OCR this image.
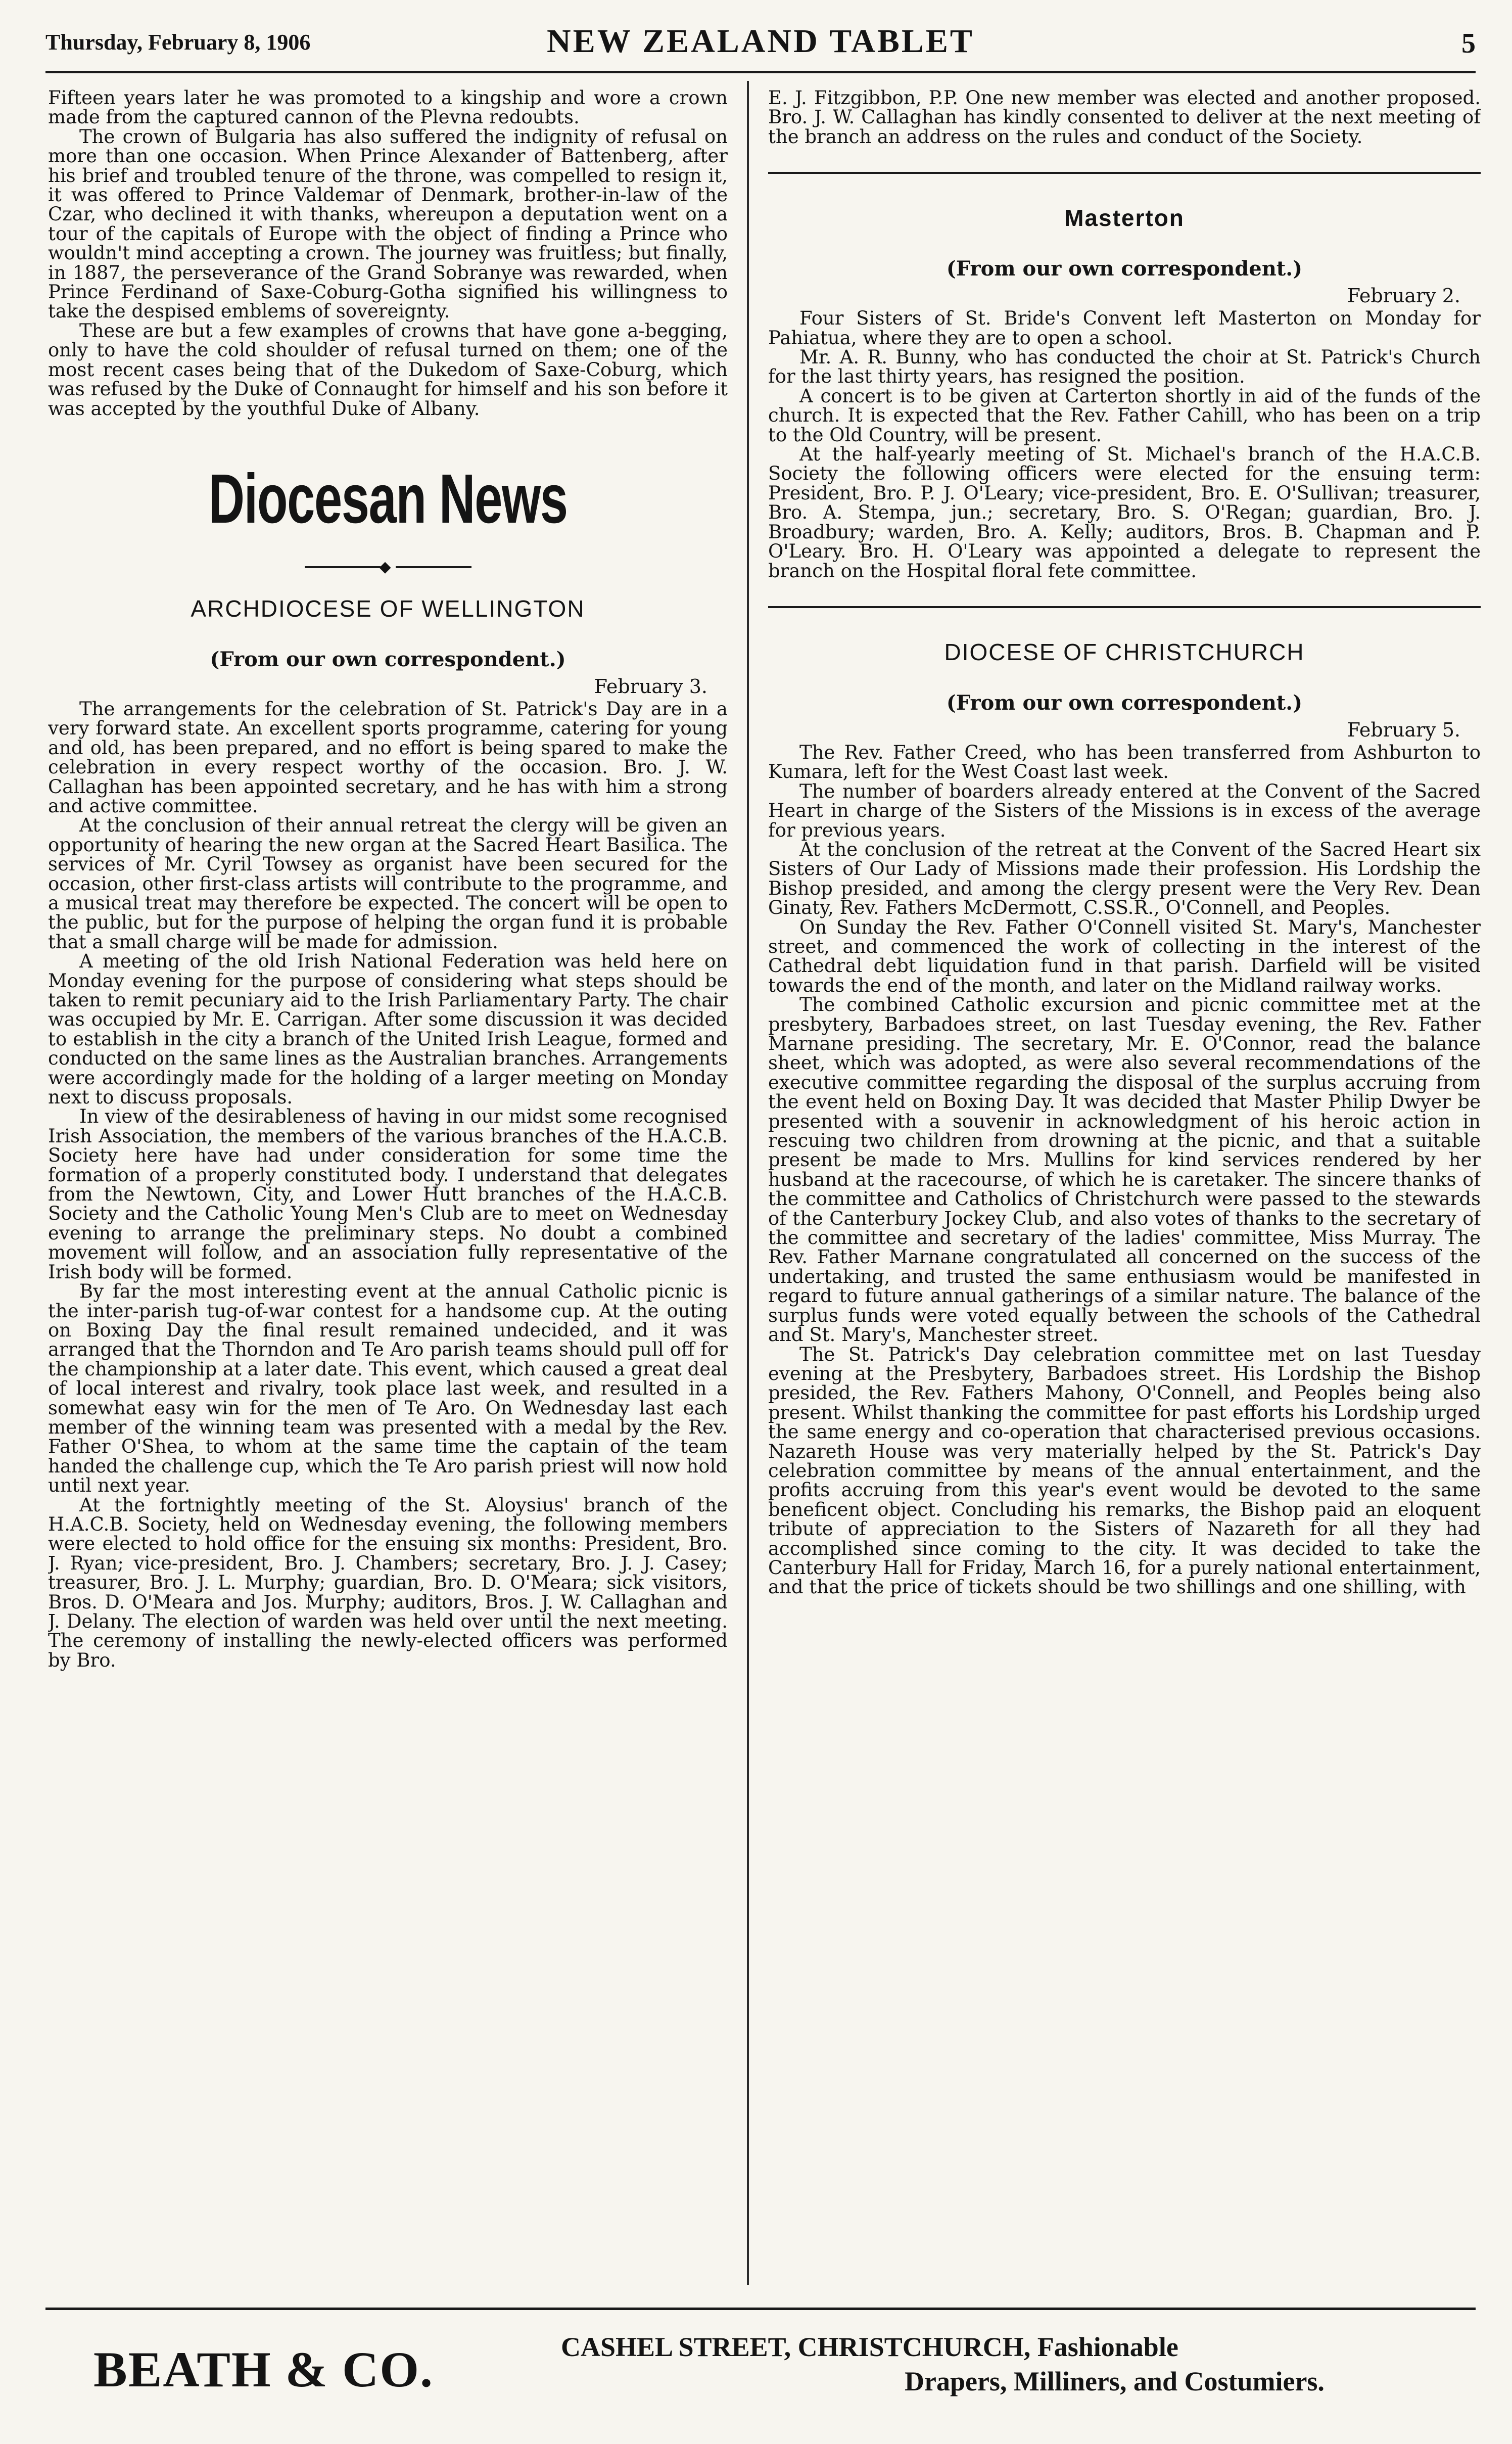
Thursday, February 8, 1906	NEW ZEALAND TABLET	5

Fifteen years later he was promoted to a kingship and wore a crown made from the captured cannon of the Plevna redoubts.

The crown of Bulgaria has also suffered the indignity of refusal on more than one occasion. When Prince Alexander of Battenberg, after his brief and troubled tenure of the throne, was compelled to resign it, it was offered to Prince Valdemar of Denmark, brother-in-law of the Czar, who declined it with thanks, whereupon a deputation went on a tour of the capitals of Europe with the object of finding a Prince who wouldn't mind accepting a crown. The journey was fruitless; but finally, in 1887, the perseverance of the Grand Sobranye was rewarded, when Prince Ferdinand of Saxe-Coburg-Gotha signified his willingness to take the despised emblems of sovereignty.

These are but a few examples of crowns that have gone a-begging, only to have the cold shoulder of refusal turned on them; one of the most recent cases being that of the Dukedom of Saxe-Coburg, which was refused by the Duke of Connaught for himself and his son before it was accepted by the youthful Duke of Albany.

Diocesan News
◆
ARCHDIOCESE OF WELLINGTON
(From our own correspondent.)
February 3.

The arrangements for the celebration of St. Patrick's Day are in a very forward state. An excellent sports programme, catering for young and old, has been prepared, and no effort is being spared to make the celebration in every respect worthy of the occasion. Bro. J. W. Callaghan has been appointed secretary, and he has with him a strong and active committee.

At the conclusion of their annual retreat the clergy will be given an opportunity of hearing the new organ at the Sacred Heart Basilica. The services of Mr. Cyril Towsey as organist have been secured for the occasion, other first-class artists will contribute to the programme, and a musical treat may therefore be expected. The concert will be open to the public, but for the purpose of helping the organ fund it is probable that a small charge will be made for admission.

A meeting of the old Irish National Federation was held here on Monday evening for the purpose of considering what steps should be taken to remit pecuniary aid to the Irish Parliamentary Party. The chair was occupied by Mr. E. Carrigan. After some discussion it was decided to establish in the city a branch of the United Irish League, formed and conducted on the same lines as the Australian branches. Arrangements were accordingly made for the holding of a larger meeting on Monday next to discuss proposals.

In view of the desirableness of having in our midst some recognised Irish Association, the members of the various branches of the H.A.C.B. Society here have had under consideration for some time the formation of a properly constituted body. I understand that delegates from the Newtown, City, and Lower Hutt branches of the H.A.C.B. Society and the Catholic Young Men's Club are to meet on Wednesday evening to arrange the preliminary steps. No doubt a combined movement will follow, and an association fully representative of the Irish body will be formed.

By far the most interesting event at the annual Catholic picnic is the inter-parish tug-of-war contest for a handsome cup. At the outing on Boxing Day the final result remained undecided, and it was arranged that the Thorndon and Te Aro parish teams should pull off for the championship at a later date. This event, which caused a great deal of local interest and rivalry, took place last week, and resulted in a somewhat easy win for the men of Te Aro. On Wednesday last each member of the winning team was presented with a medal by the Rev. Father O'Shea, to whom at the same time the captain of the team handed the challenge cup, which the Te Aro parish priest will now hold until next year.

At the fortnightly meeting of the St. Aloysius' branch of the H.A.C.B. Society, held on Wednesday evening, the following members were elected to hold office for the ensuing six months: President, Bro. J. Ryan; vice-president, Bro. J. Chambers; secretary, Bro. J. J. Casey; treasurer, Bro. J. L. Murphy; guardian, Bro. D. O'Meara; sick visitors, Bros. D. O'Meara and Jos. Murphy; auditors, Bros. J. W. Callaghan and J. Delany. The election of warden was held over until the next meeting. The ceremony of installing the newly-elected officers was performed by Bro.

E. J. Fitzgibbon, P.P. One new member was elected and another proposed. Bro. J. W. Callaghan has kindly consented to deliver at the next meeting of the branch an address on the rules and conduct of the Society.

Masterton
(From our own correspondent.)
February 2.

Four Sisters of St. Bride's Convent left Masterton on Monday for Pahiatua, where they are to open a school.

Mr. A. R. Bunny, who has conducted the choir at St. Patrick's Church for the last thirty years, has resigned the position.

A concert is to be given at Carterton shortly in aid of the funds of the church. It is expected that the Rev. Father Cahill, who has been on a trip to the Old Country, will be present.

At the half-yearly meeting of St. Michael's branch of the H.A.C.B. Society the following officers were elected for the ensuing term: President, Bro. P. J. O'Leary; vice-president, Bro. E. O'Sullivan; treasurer, Bro. A. Stempa, jun.; secretary, Bro. S. O'Regan; guardian, Bro. J. Broadbury; warden, Bro. A. Kelly; auditors, Bros. B. Chapman and P. O'Leary. Bro. H. O'Leary was appointed a delegate to represent the branch on the Hospital floral fete committee.

DIOCESE OF CHRISTCHURCH
(From our own correspondent.)
February 5.

The Rev. Father Creed, who has been transferred from Ashburton to Kumara, left for the West Coast last week.

The number of boarders already entered at the Convent of the Sacred Heart in charge of the Sisters of the Missions is in excess of the average for previous years.

At the conclusion of the retreat at the Convent of the Sacred Heart six Sisters of Our Lady of Missions made their profession. His Lordship the Bishop presided, and among the clergy present were the Very Rev. Dean Ginaty, Rev. Fathers McDermott, C.SS.R., O'Connell, and Peoples.

On Sunday the Rev. Father O'Connell visited St. Mary's, Manchester street, and commenced the work of collecting in the interest of the Cathedral debt liquidation fund in that parish. Darfield will be visited towards the end of the month, and later on the Midland railway works.

The combined Catholic excursion and picnic committee met at the presbytery, Barbadoes street, on last Tuesday evening, the Rev. Father Marnane presiding. The secretary, Mr. E. O'Connor, read the balance sheet, which was adopted, as were also several recommendations of the executive committee regarding the disposal of the surplus accruing from the event held on Boxing Day. It was decided that Master Philip Dwyer be presented with a souvenir in acknowledgment of his heroic action in rescuing two children from drowning at the picnic, and that a suitable present be made to Mrs. Mullins for kind services rendered by her husband at the racecourse, of which he is caretaker. The sincere thanks of the committee and Catholics of Christchurch were passed to the stewards of the Canterbury Jockey Club, and also votes of thanks to the secretary of the committee and secretary of the ladies' committee, Miss Murray. The Rev. Father Marnane congratulated all concerned on the success of the undertaking, and trusted the same enthusiasm would be manifested in regard to future annual gatherings of a similar nature. The balance of the surplus funds were voted equally between the schools of the Cathedral and St. Mary's, Manchester street.

The St. Patrick's Day celebration committee met on last Tuesday evening at the Presbytery, Barbadoes street. His Lordship the Bishop presided, the Rev. Fathers Mahony, O'Connell, and Peoples being also present. Whilst thanking the committee for past efforts his Lordship urged the same energy and co-operation that characterised previous occasions. Nazareth House was very materially helped by the St. Patrick's Day celebration committee by means of the annual entertainment, and the profits accruing from this year's event would be devoted to the same beneficent object. Concluding his remarks, the Bishop paid an eloquent tribute of appreciation to the Sisters of Nazareth for all they had accomplished since coming to the city. It was decided to take the Canterbury Hall for Friday, March 16, for a purely national entertainment, and that the price of tickets should be two shillings and one shilling, with

BEATH & CO.	CASHEL STREET, CHRISTCHURCH, Fashionable
Drapers, Milliners, and Costumiers.
